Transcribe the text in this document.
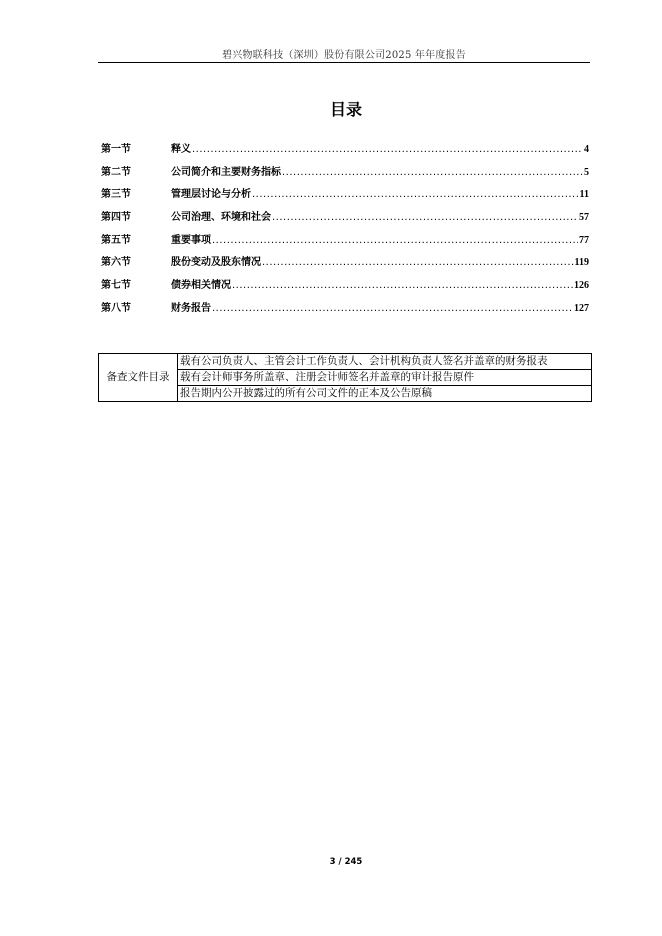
碧兴物联科技（深圳）股份有限公司2025 年年度报告
目录
第一节	释义 .....	4
第二节	公司简介和主要财务指标 .....	5
第三节	管理层讨论与分析 .....	11
第四节	公司治理、环境和社会 .....	57
第五节	重要事项 .....	77
第六节	股份变动及股东情况 .....	119
第七节	债券相关情况 .....	126
第八节	财务报告 .....	127
备查文件目录	载有公司负责人、主管会计工作负责人、会计机构负责人签名并盖章的财务报表
载有会计师事务所盖章、注册会计师签名并盖章的审计报告原件
报告期内公开披露过的所有公司文件的正本及公告原稿
3 / 245
